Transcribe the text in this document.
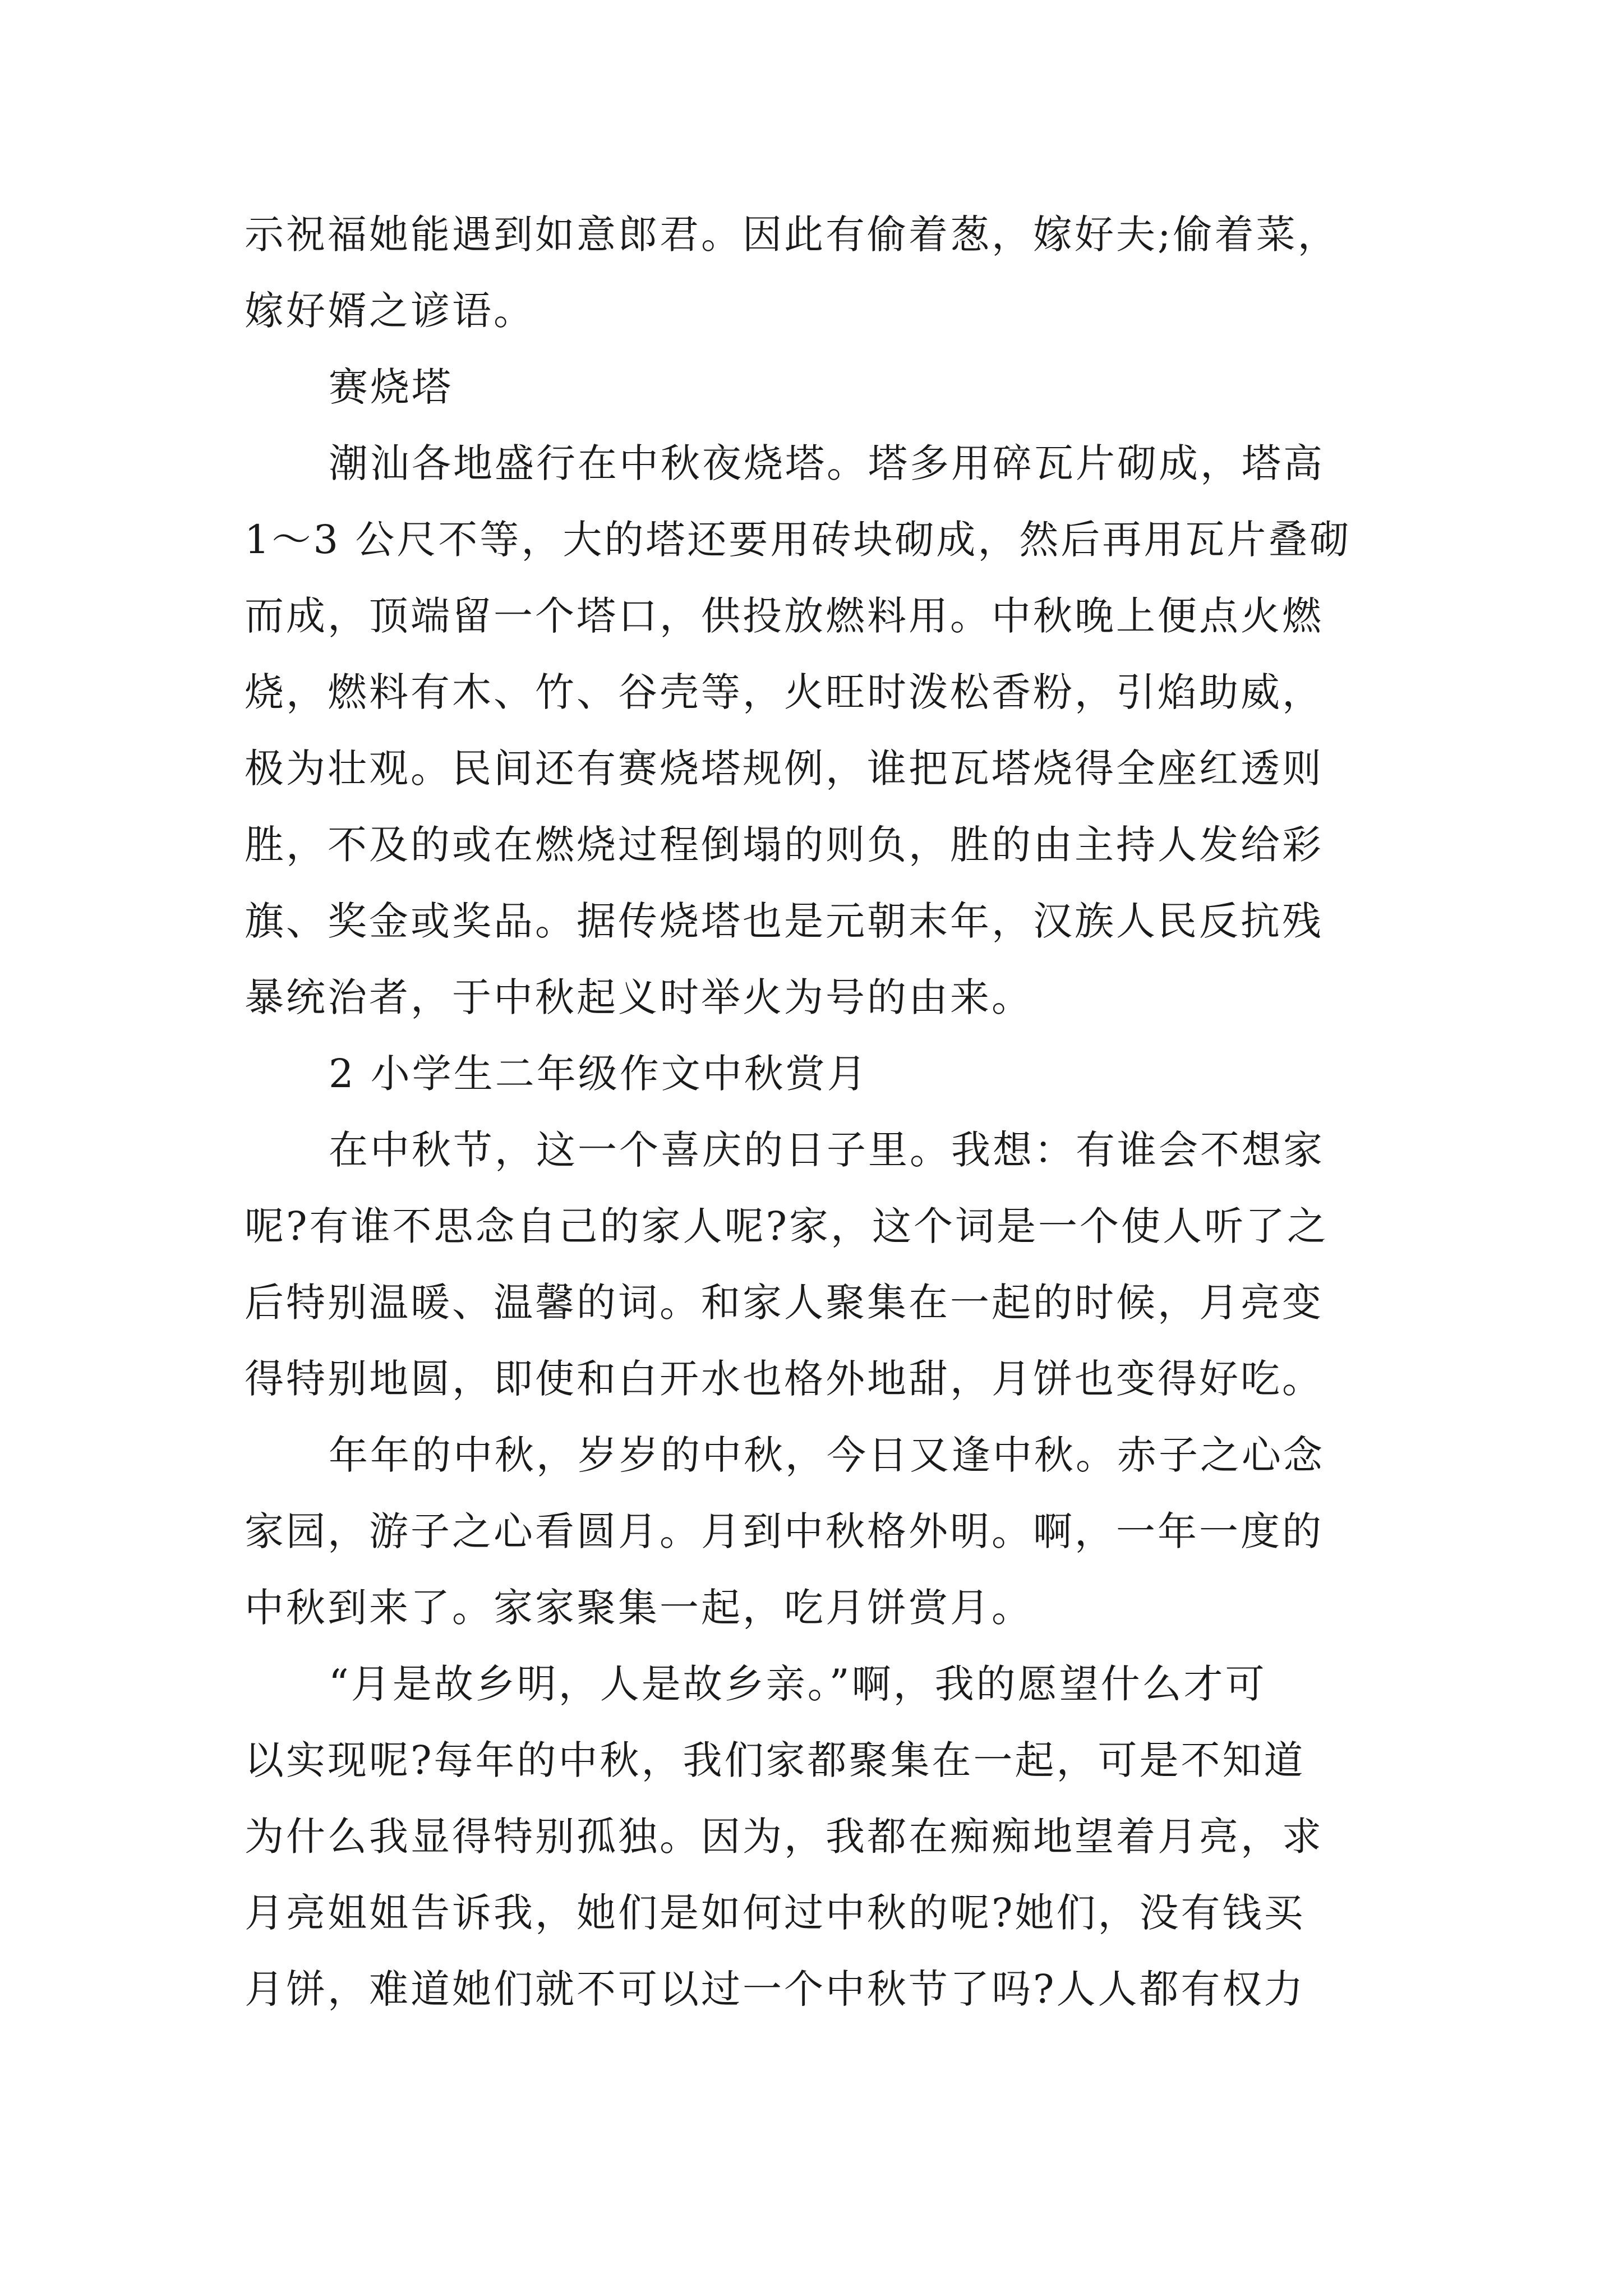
示祝福她能遇到如意郎君。因此有偷着葱，嫁好夫;偷着菜，
嫁好婿之谚语。
赛烧塔
潮汕各地盛行在中秋夜烧塔。塔多用碎瓦片砌成，塔高
1～3 公尺不等，大的塔还要用砖块砌成，然后再用瓦片叠砌
而成，顶端留一个塔口，供投放燃料用。中秋晚上便点火燃
烧，燃料有木、竹、谷壳等，火旺时泼松香粉，引焰助威，
极为壮观。民间还有赛烧塔规例，谁把瓦塔烧得全座红透则
胜，不及的或在燃烧过程倒塌的则负，胜的由主持人发给彩
旗、奖金或奖品。据传烧塔也是元朝末年，汉族人民反抗残
暴统治者，于中秋起义时举火为号的由来。
2 小学生二年级作文中秋赏月
在中秋节，这一个喜庆的日子里。我想：有谁会不想家
呢?有谁不思念自己的家人呢?家，这个词是一个使人听了之
后特别温暖、温馨的词。和家人聚集在一起的时候，月亮变
得特别地圆，即使和白开水也格外地甜，月饼也变得好吃。
年年的中秋，岁岁的中秋，今日又逢中秋。赤子之心念
家园，游子之心看圆月。月到中秋格外明。啊，一年一度的
中秋到来了。家家聚集一起，吃月饼赏月。
“月是故乡明，人是故乡亲。”啊，我的愿望什么才可
以实现呢?每年的中秋，我们家都聚集在一起，可是不知道
为什么我显得特别孤独。因为，我都在痴痴地望着月亮，求
月亮姐姐告诉我，她们是如何过中秋的呢?她们，没有钱买
月饼，难道她们就不可以过一个中秋节了吗?人人都有权力
